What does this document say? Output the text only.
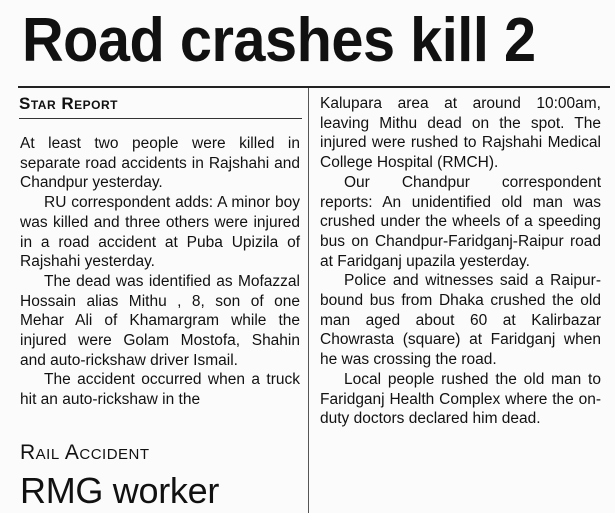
Road crashes kill 2
Star Report

At least two people were killed in separate road accidents in Rajshahi and Chandpur yesterday.

RU correspondent adds: A minor boy was killed and three others were injured in a road accident at Puba Upizila of Rajshahi yesterday.

The dead was identified as Mofazzal Hossain alias Mithu , 8, son of one Mehar Ali of Khamargram while the injured were Golam Mostofa, Shahin and auto-rickshaw driver Ismail.

The accident occurred when a truck hit an auto-rickshaw in the

Kalupara area at around 10:00am, leaving Mithu dead on the spot. The injured were rushed to Rajshahi Medical College Hospital (RMCH).

Our Chandpur correspondent reports: An unidentified old man was crushed under the wheels of a speeding bus on Chandpur-Faridganj-Raipur road at Faridganj upazila yesterday.

Police and witnesses said a Raipur-bound bus from Dhaka crushed the old man aged about 60 at Kalirbazar Chowrasta (square) at Faridganj when he was crossing the road.

Local people rushed the old man to Faridganj Health Complex where the on-duty doctors declared him dead.

Rail Accident
RMG worker
